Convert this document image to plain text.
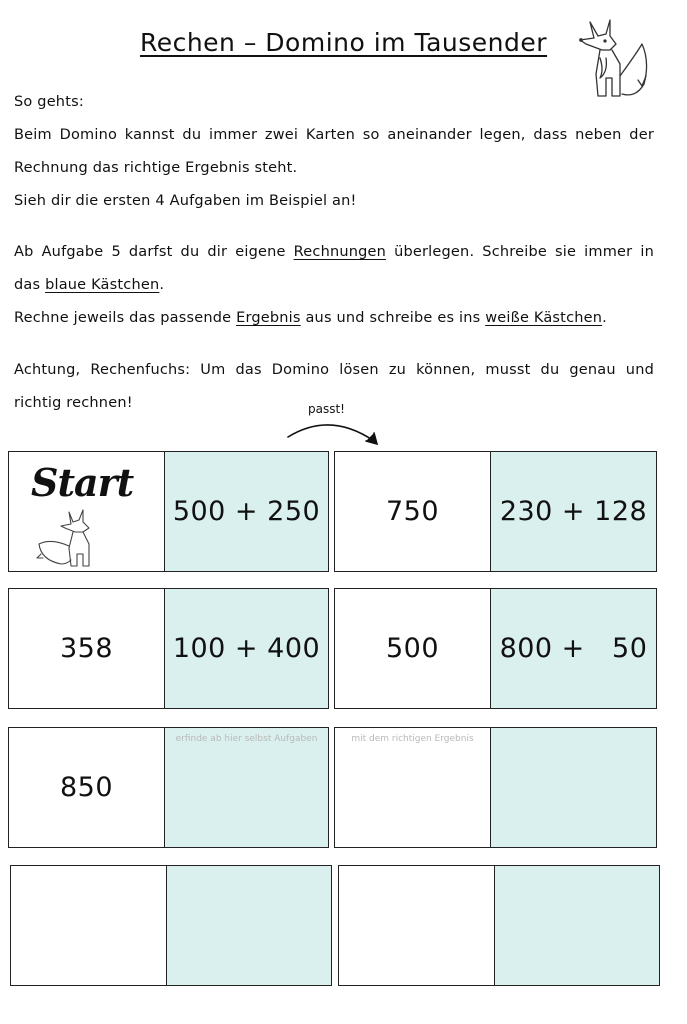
Rechen – Domino im Tausender
So gehts:
Beim Domino kannst du immer zwei Karten so aneinander legen, dass neben der
Rechnung das richtige Ergebnis steht.
Sieh dir die ersten 4 Aufgaben im Beispiel an!
Ab Aufgabe 5 darfst du dir eigene Rechnungen überlegen. Schreibe sie immer in
das blaue Kästchen.
Rechne jeweils das passende Ergebnis aus und schreibe es ins weiße Kästchen.
Achtung, Rechenfuchs: Um das Domino lösen zu können, musst du genau und
richtig rechnen!	passt!
Start
500 + 250 750 230 + 128
358 100 + 400 500 800 +   50
850
erfinde ab hier selbst Aufgaben	mit dem richtigen Ergebnis
